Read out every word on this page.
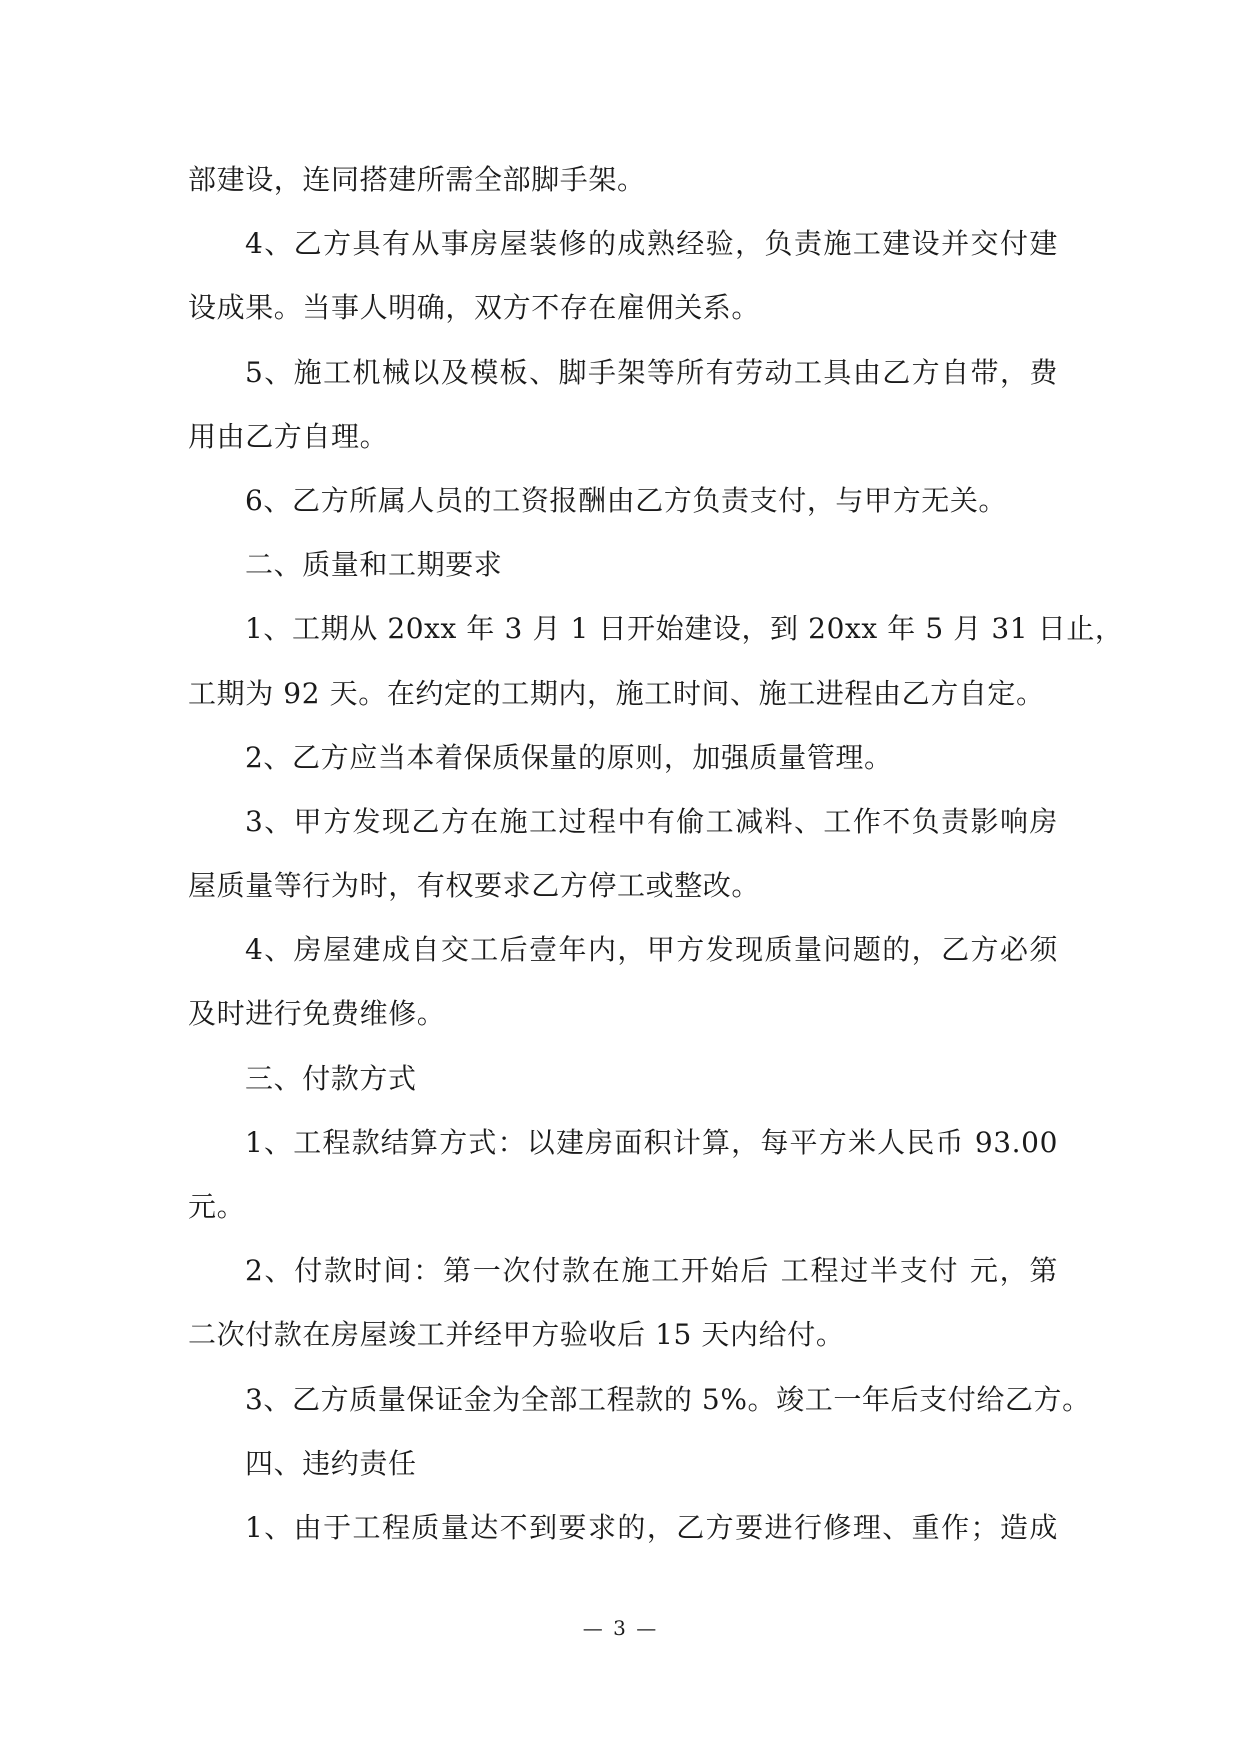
部建设，连同搭建所需全部脚手架。
4、乙方具有从事房屋装修的成熟经验，负责施工建设并交付建
设成果。当事人明确，双方不存在雇佣关系。
5、施工机械以及模板、脚手架等所有劳动工具由乙方自带，费
用由乙方自理。
6、乙方所属人员的工资报酬由乙方负责支付，与甲方无关。
二、质量和工期要求
1、工期从 20xx 年 3 月 1 日开始建设，到 20xx 年 5 月 31 日止，
工期为 92 天。在约定的工期内，施工时间、施工进程由乙方自定。
2、乙方应当本着保质保量的原则，加强质量管理。
3、甲方发现乙方在施工过程中有偷工减料、工作不负责影响房
屋质量等行为时，有权要求乙方停工或整改。
4、房屋建成自交工后壹年内，甲方发现质量问题的，乙方必须
及时进行免费维修。
三、付款方式
1、工程款结算方式：以建房面积计算，每平方米人民币 93.00
元。
2、付款时间：第一次付款在施工开始后 工程过半支付 元，第
二次付款在房屋竣工并经甲方验收后 15 天内给付。
3、乙方质量保证金为全部工程款的 5%。竣工一年后支付给乙方。
四、违约责任
1、由于工程质量达不到要求的，乙方要进行修理、重作；造成
— 3 —
